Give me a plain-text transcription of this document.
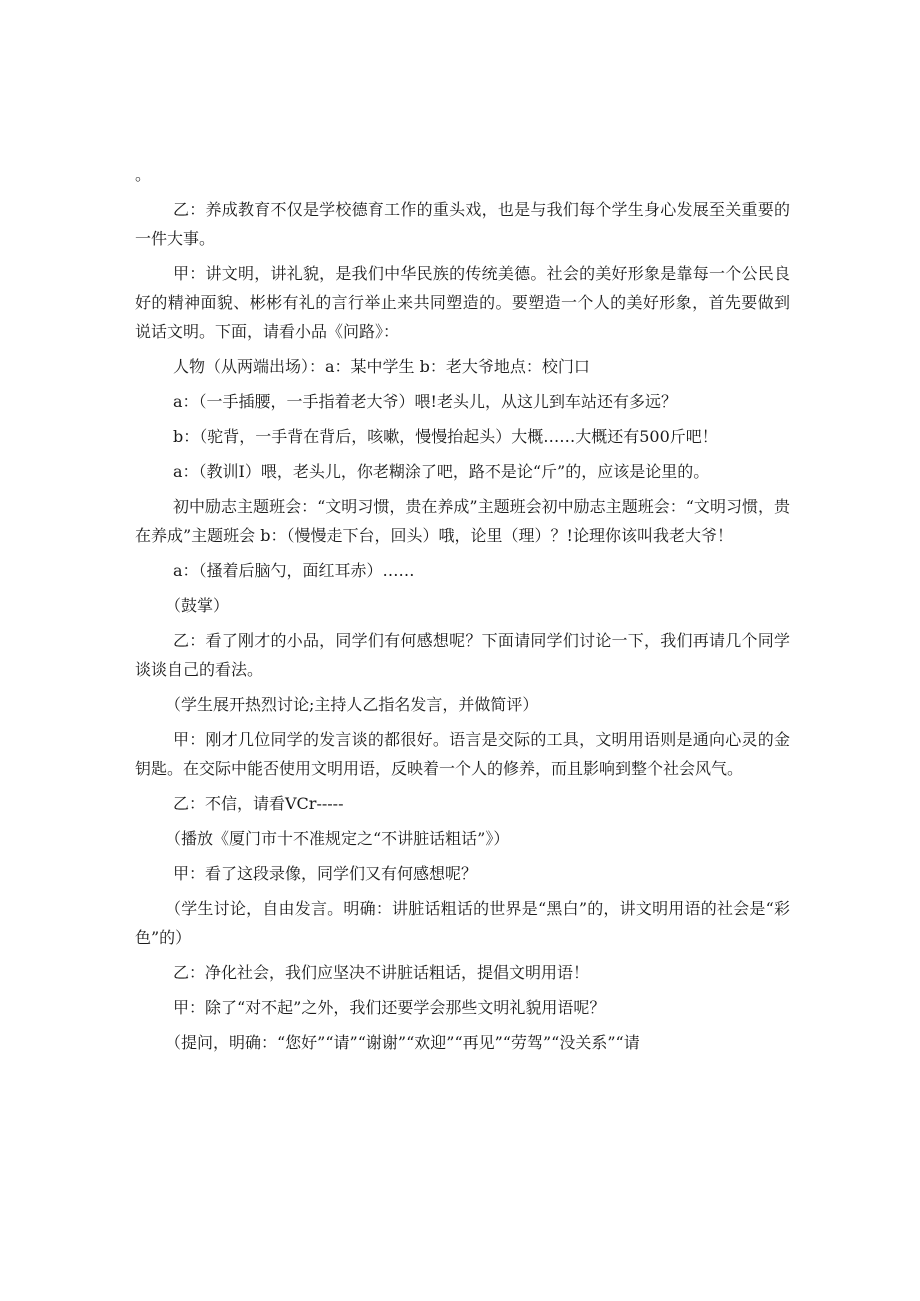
。

乙：养成教育不仅是学校德育工作的重头戏，也是与我们每个学生身心发展至关重要的一件大事。

甲：讲文明，讲礼貌，是我们中华民族的传统美德。社会的美好形象是靠每一个公民良好的精神面貌、彬彬有礼的言行举止来共同塑造的。要塑造一个人的美好形象，首先要做到说话文明。下面，请看小品《问路》：

人物（从两端出场）：a：某中学生 b：老大爷地点：校门口

a：（一手插腰，一手指着老大爷）喂!老头儿，从这儿到车站还有多远？

b：（驼背，一手背在背后，咳嗽，慢慢抬起头）大概……大概还有500斤吧！

a：（教训I）喂，老头儿，你老糊涂了吧，路不是论“斤”的，应该是论里的。

初中励志主题班会：“文明习惯，贵在养成”主题班会初中励志主题班会：“文明习惯，贵在养成”主题班会 b：（慢慢走下台，回头）哦，论里（理）？!论理你该叫我老大爷！

a：（搔着后脑勺，面红耳赤）……

（鼓掌）

乙：看了刚才的小品，同学们有何感想呢？下面请同学们讨论一下，我们再请几个同学谈谈自己的看法。

（学生展开热烈讨论;主持人乙指名发言，并做简评）

甲：刚才几位同学的发言谈的都很好。语言是交际的工具，文明用语则是通向心灵的金钥匙。在交际中能否使用文明用语，反映着一个人的修养，而且影响到整个社会风气。

乙：不信，请看VCr-----

（播放《厦门市十不准规定之“不讲脏话粗话”》）

甲：看了这段录像，同学们又有何感想呢？

（学生讨论，自由发言。明确：讲脏话粗话的世界是“黑白”的，讲文明用语的社会是“彩色”的）

乙：净化社会，我们应坚决不讲脏话粗话，提倡文明用语！

甲：除了“对不起”之外，我们还要学会那些文明礼貌用语呢？

（提问，明确：“您好”“请”“谢谢”“欢迎”“再见”“劳驾”“没关系”“请
